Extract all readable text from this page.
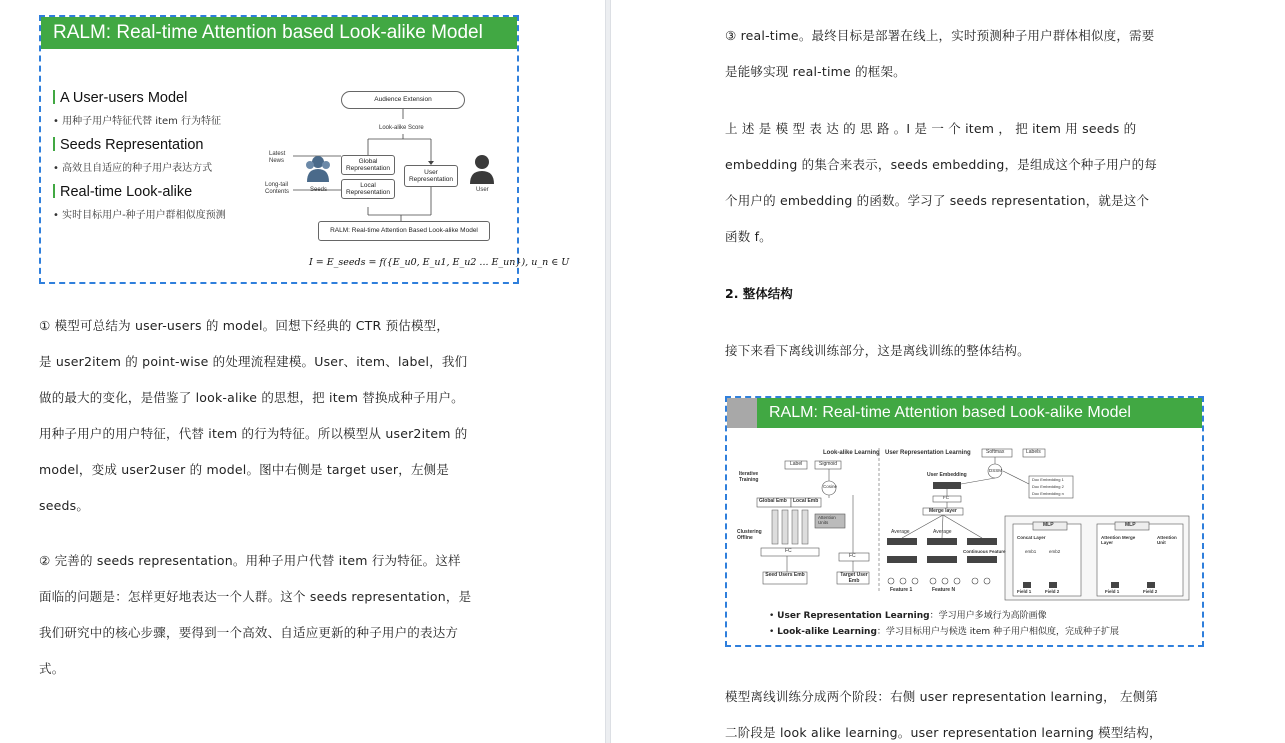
RALM: Real-time Attention based Look-alike Model
A User-users Model
• 用种子用户特征代替 item 行为特征
Seeds Representation
• 高效且自适应的种子用户表达方式
Real-time Look-alike
• 实时目标用户-种子用户群相似度预测
Audience Extension
Look-alike Score
Global Representation
Local Representation
User Representation
Latest News
Long-tail Contents	Seeds	User
RALM: Real-time Attention Based Look-alike Model
I = E_seeds = f({E_u0, E_u1, E_u2 ... E_un}), u_n ∈ U
① 模型可总结为 user-users 的 model。回想下经典的 CTR 预估模型，
是 user2item 的 point-wise 的处理流程建模。User、item、label，我们
做的最大的变化，是借鉴了 look-alike 的思想，把 item 替换成种子用户。
用种子用户的用户特征，代替 item 的行为特征。所以模型从 user2item 的
model，变成 user2user 的 model。图中右侧是 target user，左侧是
seeds。
② 完善的 seeds representation。用种子用户代替 item 行为特征。这样
面临的问题是：怎样更好地表达一个人群。这个 seeds representation，是
我们研究中的核心步骤，要得到一个高效、自适应更新的种子用户的表达方
式。
③ real-time。最终目标是部署在线上，实时预测种子用户群体相似度，需要
是能够实现 real-time 的框架。
上 述 是 模 型 表 达 的 思 路 。I 是 一 个 item ， 把 item 用 seeds 的
embedding 的集合来表示，seeds embedding，是组成这个种子用户的每
个用户的 embedding 的函数。学习了 seeds representation，就是这个
函数 f。
2. 整体结构
接下来看下离线训练部分，这是离线训练的整体结构。
RALM: Real-time Attention based Look-alike Model
Look-alike Learning User Representation Learning
Label	Sigmoid
Cosine
Iterative Training
Global Emb Local Emb
Attention Units
Clustering Offline
FC
FC
Seed Users Emb	Target User Emb
Softmax	Labels
DSSM
Doc Embedding 1
Doc Embedding 2
Doc Embedding n
User Embedding
FC
Merge layer
Average	Average
Continuous Feature
Feature 1	Feature N
MLP	MLP
Concat Layer	Attention Merge Layer
Attention Unit
emb1	emb2
Field 1	Field 2	Field 1	Field 2
• User Representation Learning：学习用户多域行为高阶画像
• Look-alike Learning：学习目标用户与候选 item 种子用户相似度，完成种子扩展
模型离线训练分成两个阶段：右侧 user representation learning， 左侧第
二阶段是 look alike learning。user representation learning 模型结构，
